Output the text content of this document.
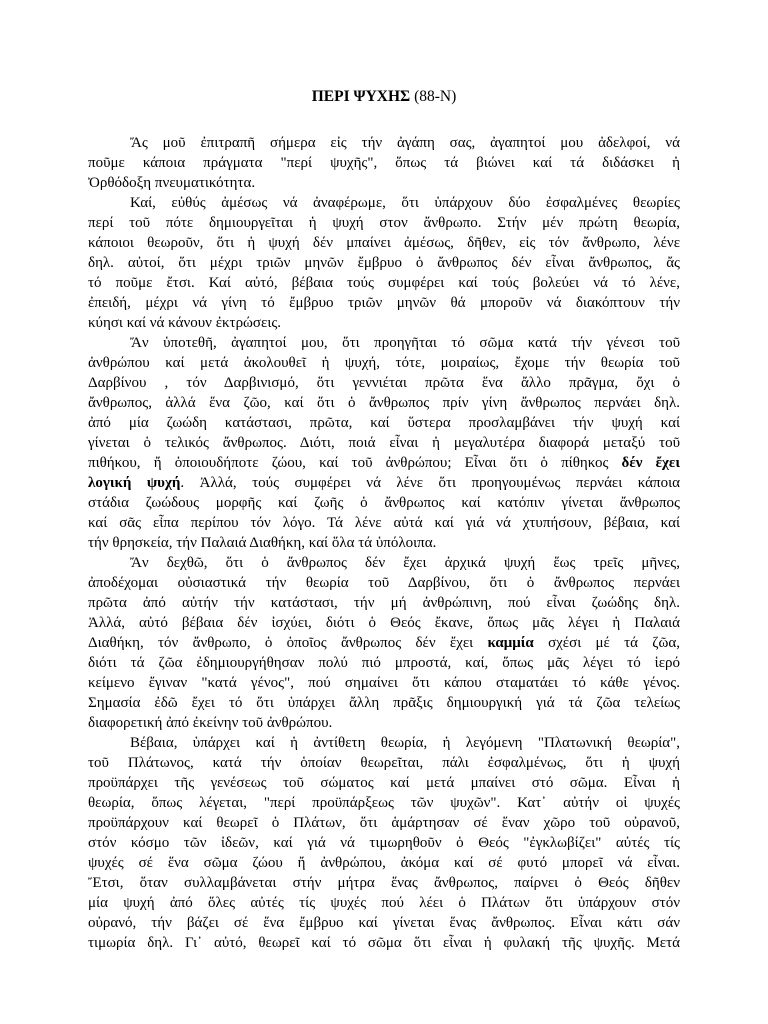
ΠΕΡΙ ΨΥΧΗΣ (88-Ν)
Ἄς μοῦ ἐπιτραπῆ σήμερα εἰς τήν ἀγάπη σας, ἀγαπητοί μου ἀδελφοί, νά
ποῦμε κάποια πράγματα "περί ψυχῆς", ὅπως τά βιώνει καί τά διδάσκει ἡ
Ὀρθόδοξη πνευματικότητα.
Καί, εὐθύς ἀμέσως νά ἀναφέρωμε, ὅτι ὑπάρχουν δύο ἐσφαλμένες θεωρίες
περί τοῦ πότε δημιουργεῖται ἡ ψυχή στον ἄνθρωπο. Στήν μέν πρώτη θεωρία,
κάποιοι θεωροῦν, ὅτι ἡ ψυχή δέν μπαίνει ἀμέσως, δῆθεν, εἰς τόν ἄνθρωπο, λένε
δηλ. αὐτοί, ὅτι μέχρι τριῶν μηνῶν ἔμβρυο ὁ ἄνθρωπος δέν εἶναι ἄνθρωπος, ἄς
τό ποῦμε ἔτσι. Καί αὐτό, βέβαια τούς συμφέρει καί τούς βολεύει νά τό λένε,
ἐπειδή, μέχρι νά γίνη τό ἔμβρυο τριῶν μηνῶν θά μποροῦν νά διακόπτουν τήν
κύησι καί νά κάνουν ἐκτρώσεις.
Ἄν ὑποτεθῆ, ἀγαπητοί μου, ὅτι προηγῆται τό σῶμα κατά τήν γένεσι τοῦ
ἀνθρώπου καί μετά ἀκολουθεῖ ἡ ψυχή, τότε, μοιραίως, ἔχομε τήν θεωρία τοῦ
Δαρβίνου , τόν Δαρβινισμό, ὅτι γεννιέται πρῶτα ἕνα ἄλλο πρᾶγμα, ὄχι ὁ
ἄνθρωπος, ἀλλά ἕνα ζῶο, καί ὅτι ὁ ἄνθρωπος πρίν γίνη ἄνθρωπος περνάει δηλ.
ἀπό μία ζωώδη κατάστασι, πρῶτα, καί ὕστερα προσλαμβάνει τήν ψυχή καί
γίνεται ὁ τελικός ἄνθρωπος. Διότι, ποιά εἶναι ἡ μεγαλυτέρα διαφορά μεταξύ τοῦ
πιθήκου, ἤ ὁποιουδήποτε ζώου, καί τοῦ ἀνθρώπου; Εἶναι ὅτι ὁ πίθηκος δέν ἔχει
λογική ψυχή. Ἀλλά, τούς συμφέρει νά λένε ὅτι προηγουμένως περνάει κάποια
στάδια ζωώδους μορφῆς καί ζωῆς ὁ ἄνθρωπος καί κατόπιν γίνεται ἄνθρωπος
καί σᾶς εἶπα περίπου τόν λόγο. Τά λένε αὐτά καί γιά νά χτυπήσουν, βέβαια, καί
τήν θρησκεία, τήν Παλαιά Διαθήκη, καί ὅλα τά ὑπόλοιπα.
Ἄν δεχθῶ, ὅτι ὁ ἄνθρωπος δέν ἔχει ἀρχικά ψυχή ἕως τρεῖς μῆνες,
ἀποδέχομαι οὐσιαστικά τήν θεωρία τοῦ Δαρβίνου, ὅτι ὁ ἄνθρωπος περνάει
πρῶτα ἀπό αὐτήν τήν κατάστασι, τήν μή ἀνθρώπινη, πού εἶναι ζωώδης δηλ.
Ἀλλά, αὐτό βέβαια δέν ἰσχύει, διότι ὁ Θεός ἔκανε, ὅπως μᾶς λέγει ἡ Παλαιά
Διαθήκη, τόν ἄνθρωπο, ὁ ὁποῖος ἄνθρωπος δέν ἔχει καμμία σχέσι μέ τά ζῶα,
διότι τά ζῶα ἐδημιουργήθησαν πολύ πιό μπροστά, καί, ὅπως μᾶς λέγει τό ἱερό
κείμενο ἔγιναν "κατά γένος", πού σημαίνει ὅτι κάπου σταματάει τό κάθε γένος.
Σημασία ἐδῶ ἔχει τό ὅτι ὑπάρχει ἄλλη πρᾶξις δημιουργική γιά τά ζῶα τελείως
διαφορετική ἀπό ἐκείνην τοῦ ἀνθρώπου.
Βέβαια, ὑπάρχει καί ἡ ἀντίθετη θεωρία, ἡ λεγόμενη "Πλατωνική θεωρία",
τοῦ Πλάτωνος, κατά τήν ὁποίαν θεωρεῖται, πάλι ἐσφαλμένως, ὅτι ἡ ψυχή
προϋπάρχει τῆς γενέσεως τοῦ σώματος καί μετά μπαίνει στό σῶμα. Εἶναι ἡ
θεωρία, ὅπως λέγεται, "περί προϋπάρξεως τῶν ψυχῶν". Κατ᾽ αὐτήν οἱ ψυχές
προϋπάρχουν καί θεωρεῖ ὁ Πλάτων, ὅτι ἁμάρτησαν σέ ἕναν χῶρο τοῦ οὐρανοῦ,
στόν κόσμο τῶν ἰδεῶν, καί γιά νά τιμωρηθοῦν ὁ Θεός "ἐγκλωβίζει" αὐτές τίς
ψυχές σέ ἕνα σῶμα ζώου ἤ ἀνθρώπου, ἀκόμα καί σέ φυτό μπορεῖ νά εἶναι.
Ἔτσι, ὅταν συλλαμβάνεται στήν μήτρα ἕνας ἄνθρωπος, παίρνει ὁ Θεός δῆθεν
μία ψυχή ἀπό ὅλες αὐτές τίς ψυχές πού λέει ὁ Πλάτων ὅτι ὑπάρχουν στόν
οὐρανό, τήν βάζει σέ ἕνα ἔμβρυο καί γίνεται ἕνας ἄνθρωπος. Εἶναι κάτι σάν
τιμωρία δηλ. Γι᾽ αὐτό, θεωρεῖ καί τό σῶμα ὅτι εἶναι ἡ φυλακή τῆς ψυχῆς. Μετά
